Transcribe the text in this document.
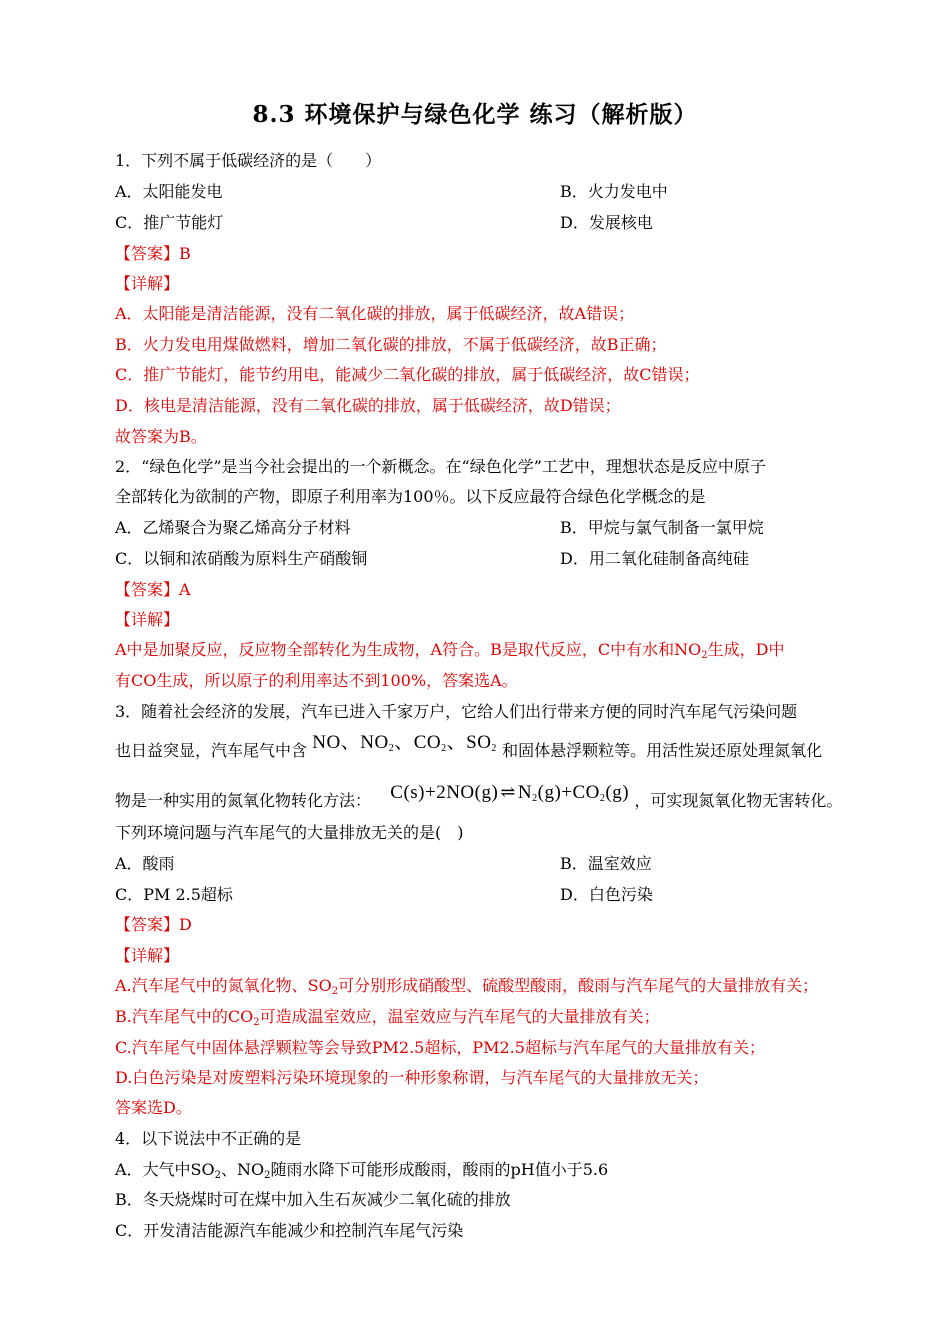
8.3 环境保护与绿色化学 练习（解析版）
1．下列不属于低碳经济的是（　　）
A．太阳能发电	B．火力发电中
C．推广节能灯	D．发展核电
【答案】B
【详解】
A．太阳能是清洁能源，没有二氧化碳的排放，属于低碳经济，故A错误；
B．火力发电用煤做燃料，增加二氧化碳的排放，不属于低碳经济，故B正确；
C．推广节能灯，能节约用电，能减少二氧化碳的排放，属于低碳经济，故C错误；
D．核电是清洁能源，没有二氧化碳的排放，属于低碳经济，故D错误；
故答案为B。
2．“绿色化学”是当今社会提出的一个新概念。在“绿色化学”工艺中，理想状态是反应中原子
全部转化为欲制的产物，即原子利用率为100％。以下反应最符合绿色化学概念的是
A．乙烯聚合为聚乙烯高分子材料	B．甲烷与氯气制备一氯甲烷
C．以铜和浓硝酸为原料生产硝酸铜	D．用二氧化硅制备高纯硅
【答案】A
【详解】
A中是加聚反应，反应物全部转化为生成物，A符合。B是取代反应，C中有水和$NO_2$生成，D中
有CO生成，所以原子的利用率达不到100%，答案选A。
3．随着社会经济的发展，汽车已进入千家万户，它给人们出行带来方便的同时汽车尾气污染问题
也日益突显，汽车尾气中含 NO、$NO_2$、$CO_2$、$SO_2$ 和固体悬浮颗粒等。用活性炭还原处理氮氧化
物是一种实用的氮氧化物转化方法： C(s)+2NO(g) ⇌ $N_2(g)+CO_2(g)$ ，可实现氮氧化物无害转化。
下列环境问题与汽车尾气的大量排放无关的是(　)
A．酸雨	B．温室效应
C．PM 2.5超标	D．白色污染
【答案】D
【详解】
A.汽车尾气中的氮氧化物、$SO_2$可分别形成硝酸型、硫酸型酸雨，酸雨与汽车尾气的大量排放有关；
B.汽车尾气中的$CO_2$可造成温室效应，温室效应与汽车尾气的大量排放有关；
C.汽车尾气中固体悬浮颗粒等会导致PM2.5超标，PM2.5超标与汽车尾气的大量排放有关；
D.白色污染是对废塑料污染环境现象的一种形象称谓，与汽车尾气的大量排放无关；
答案选D。
4．以下说法中不正确的是
A．大气中$SO_2$、$NO_2$随雨水降下可能形成酸雨，酸雨的pH值小于5.6
B．冬天烧煤时可在煤中加入生石灰减少二氧化硫的排放
C．开发清洁能源汽车能减少和控制汽车尾气污染
